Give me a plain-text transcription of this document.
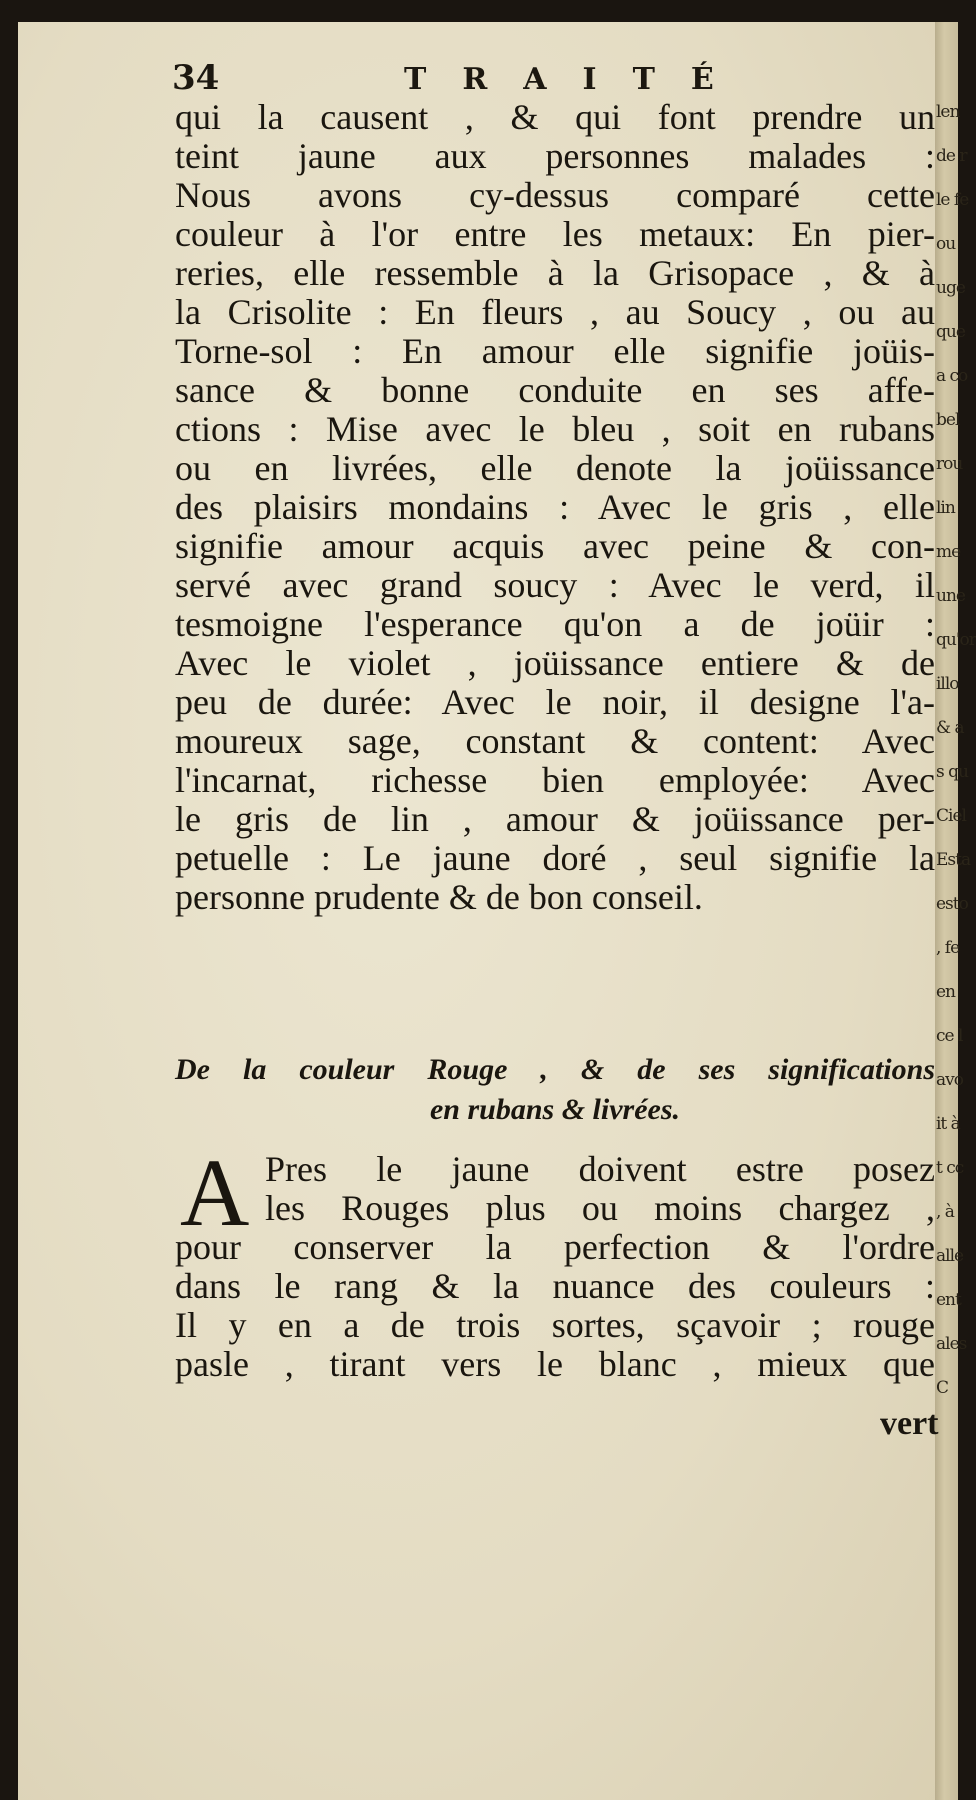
len
de r
le fe
ou
uge
que
a co
bel
rou
lin
me
une
qu'or
illo
& a
s qu
Ciel
Esta
esto
, fe
en
ce l
avo
it à
t cc
, à
alle
ent
ales
C
34	TRAITÉ
qui la causent , & qui font prendre un
teint jaune aux personnes malades :
Nous avons cy-dessus comparé cette
couleur à l'or entre les metaux: En pier-
reries, elle ressemble à la Grisopace , & à
la Crisolite : En fleurs , au Soucy , ou au
Torne-sol : En amour elle signifie joüis-
sance & bonne conduite en ses affe-
ctions : Mise avec le bleu , soit en rubans
ou en livrées, elle denote la joüissance
des plaisirs mondains : Avec le gris , elle
signifie amour acquis avec peine & con-
servé avec grand soucy : Avec le verd, il
tesmoigne l'esperance qu'on a de joüir :
Avec le violet , joüissance entiere & de
peu de durée: Avec le noir, il designe l'a-
moureux sage, constant & content: Avec
l'incarnat, richesse bien employée: Avec
le gris de lin , amour & joüissance per-
petuelle : Le jaune doré , seul signifie la
personne prudente & de bon conseil.
De la couleur Rouge , & de ses significations
en rubans & livrées.
A Pres le jaune doivent estre posez
les Rouges plus ou moins chargez ,
pour conserver la perfection & l'ordre
dans le rang & la nuance des couleurs :
Il y en a de trois sortes, sçavoir ; rouge
pasle , tirant vers le blanc , mieux que
vert
